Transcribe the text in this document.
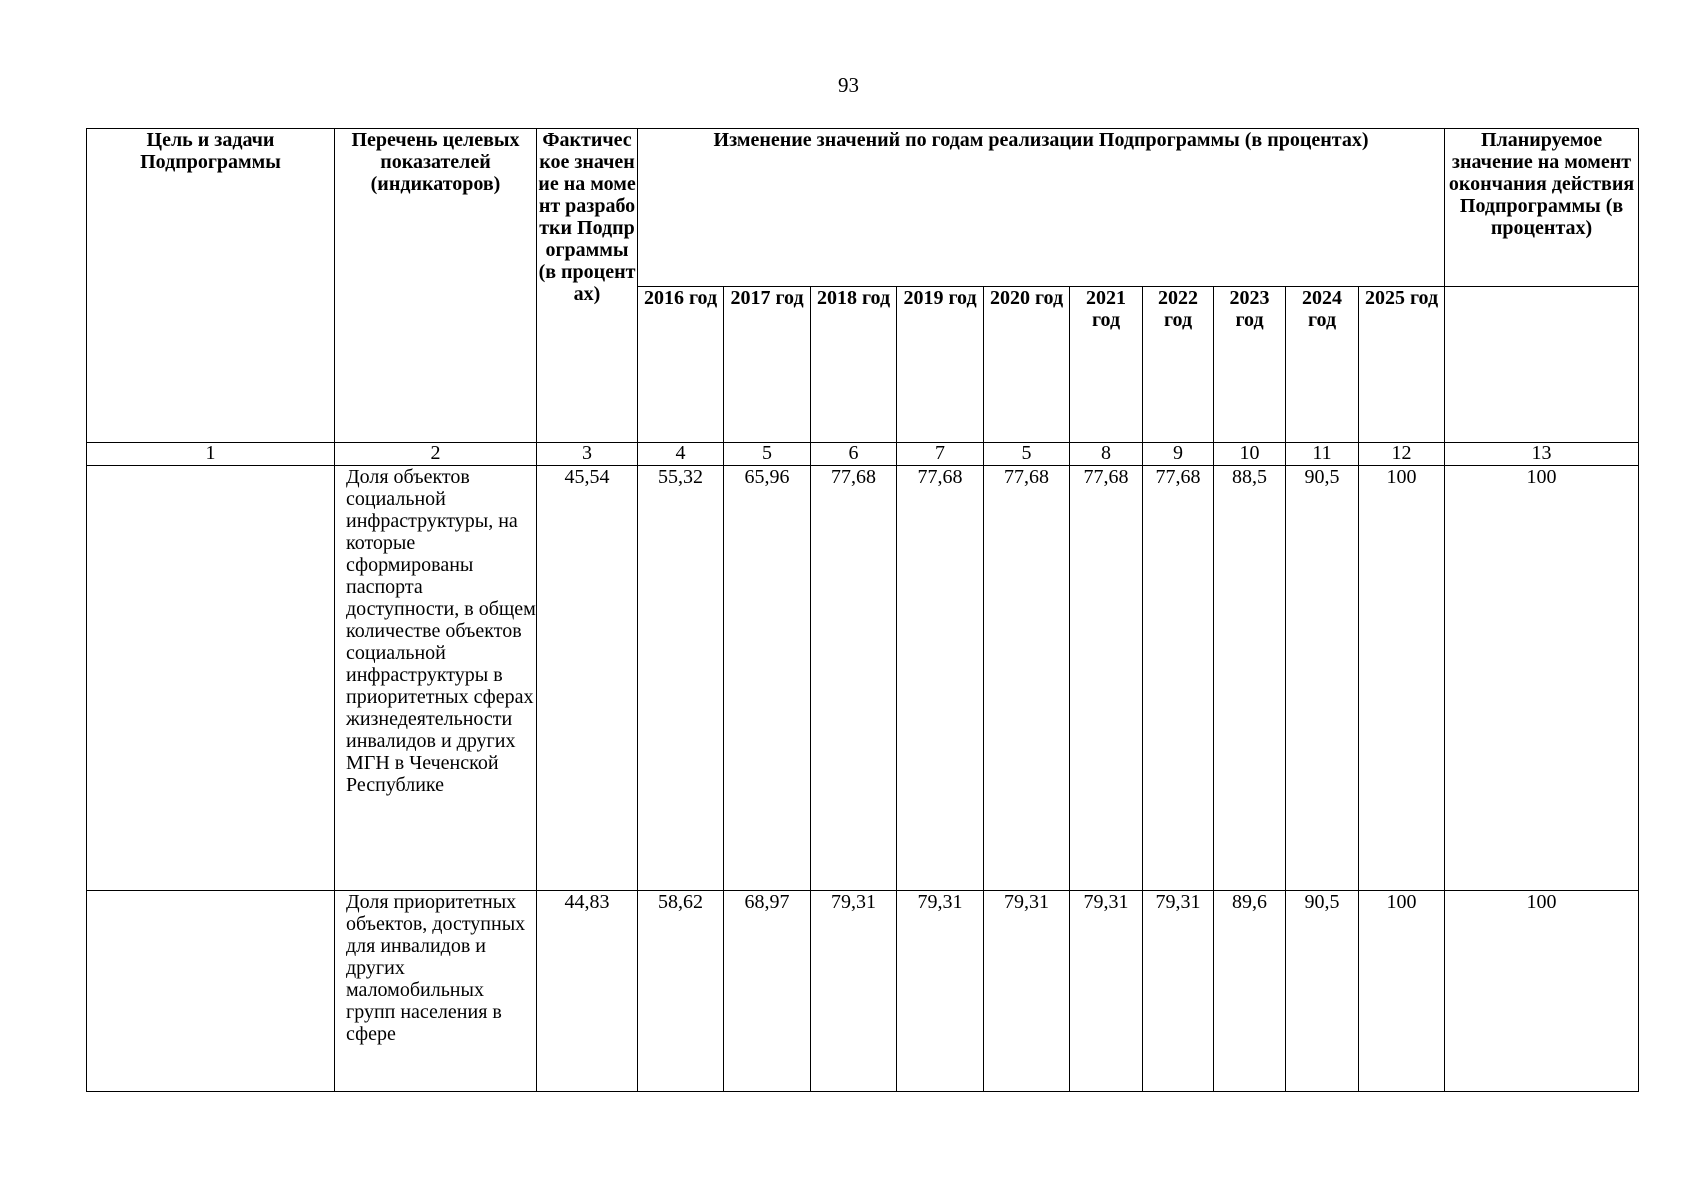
93
Цель и задачи Подпрограммы	Перечень целевых показателей (индикаторов)	Фактическое значение на момент разработки Подпрограммы (в процентах)	Изменение значений по годам реализации Подпрограммы (в процентах)										Планируемое значение на момент окончания действия Подпрограммы (в процентах)
			2016 год	2017 год	2018 год	2019 год	2020 год	2021 год	2022 год	2023 год	2024 год	2025 год	
1	2	3	4	5	6	7	5	8	9	10	11	12	13
	Доля объектов социальной инфраструктуры, на которые сформированы паспорта доступности, в общем количестве объектов социальной инфраструктуры в приоритетных сферах жизнедеятельности инвалидов и других МГН в Чеченской Республике	45,54	55,32	65,96	77,68	77,68	77,68	77,68	77,68	88,5	90,5	100	100
	Доля приоритетных объектов, доступных для инвалидов и других маломобильных групп населения в сфере	44,83	58,62	68,97	79,31	79,31	79,31	79,31	79,31	89,6	90,5	100	100
